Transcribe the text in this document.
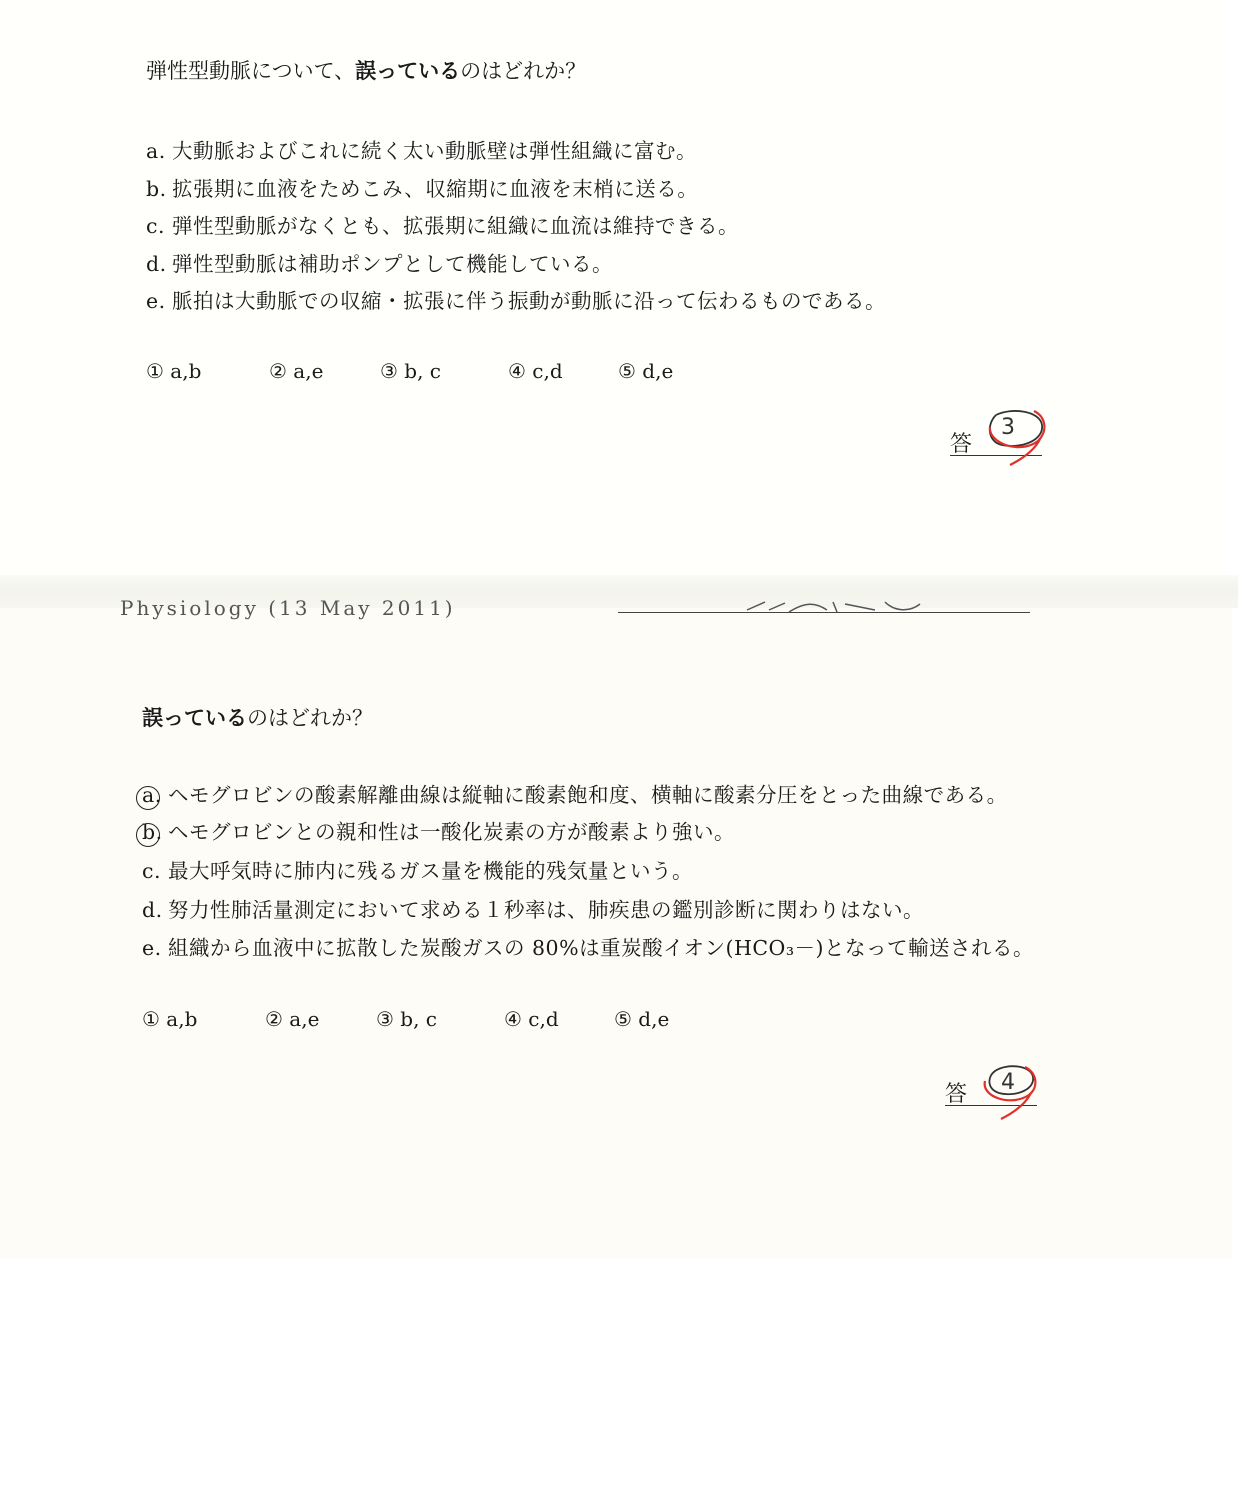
弾性型動脈について、誤っているのはどれか？
a. 大動脈およびこれに続く太い動脈壁は弾性組織に富む。
b. 拡張期に血液をためこみ、収縮期に血液を末梢に送る。
c. 弾性型動脈がなくとも、拡張期に組織に血流は維持できる。
d. 弾性型動脈は補助ポンプとして機能している。
e. 脈拍は大動脈での収縮・拡張に伴う振動が動脈に沿って伝わるものである。
① a,b	② a,e	③ b, c	④ c,d	⑤ d,e
答
3
Physiology (13 May 2011)
誤っているのはどれか？
a. ヘモグロビンの酸素解離曲線は縦軸に酸素飽和度、横軸に酸素分圧をとった曲線である。
b. ヘモグロビンとの親和性は一酸化炭素の方が酸素より強い。
c. 最大呼気時に肺内に残るガス量を機能的残気量という。
d. 努力性肺活量測定において求める１秒率は、肺疾患の鑑別診断に関わりはない。
e. 組織から血液中に拡散した炭酸ガスの 80%は重炭酸イオン(HCO₃－)となって輸送される。
① a,b	② a,e	③ b, c	④ c,d	⑤ d,e
答 4
